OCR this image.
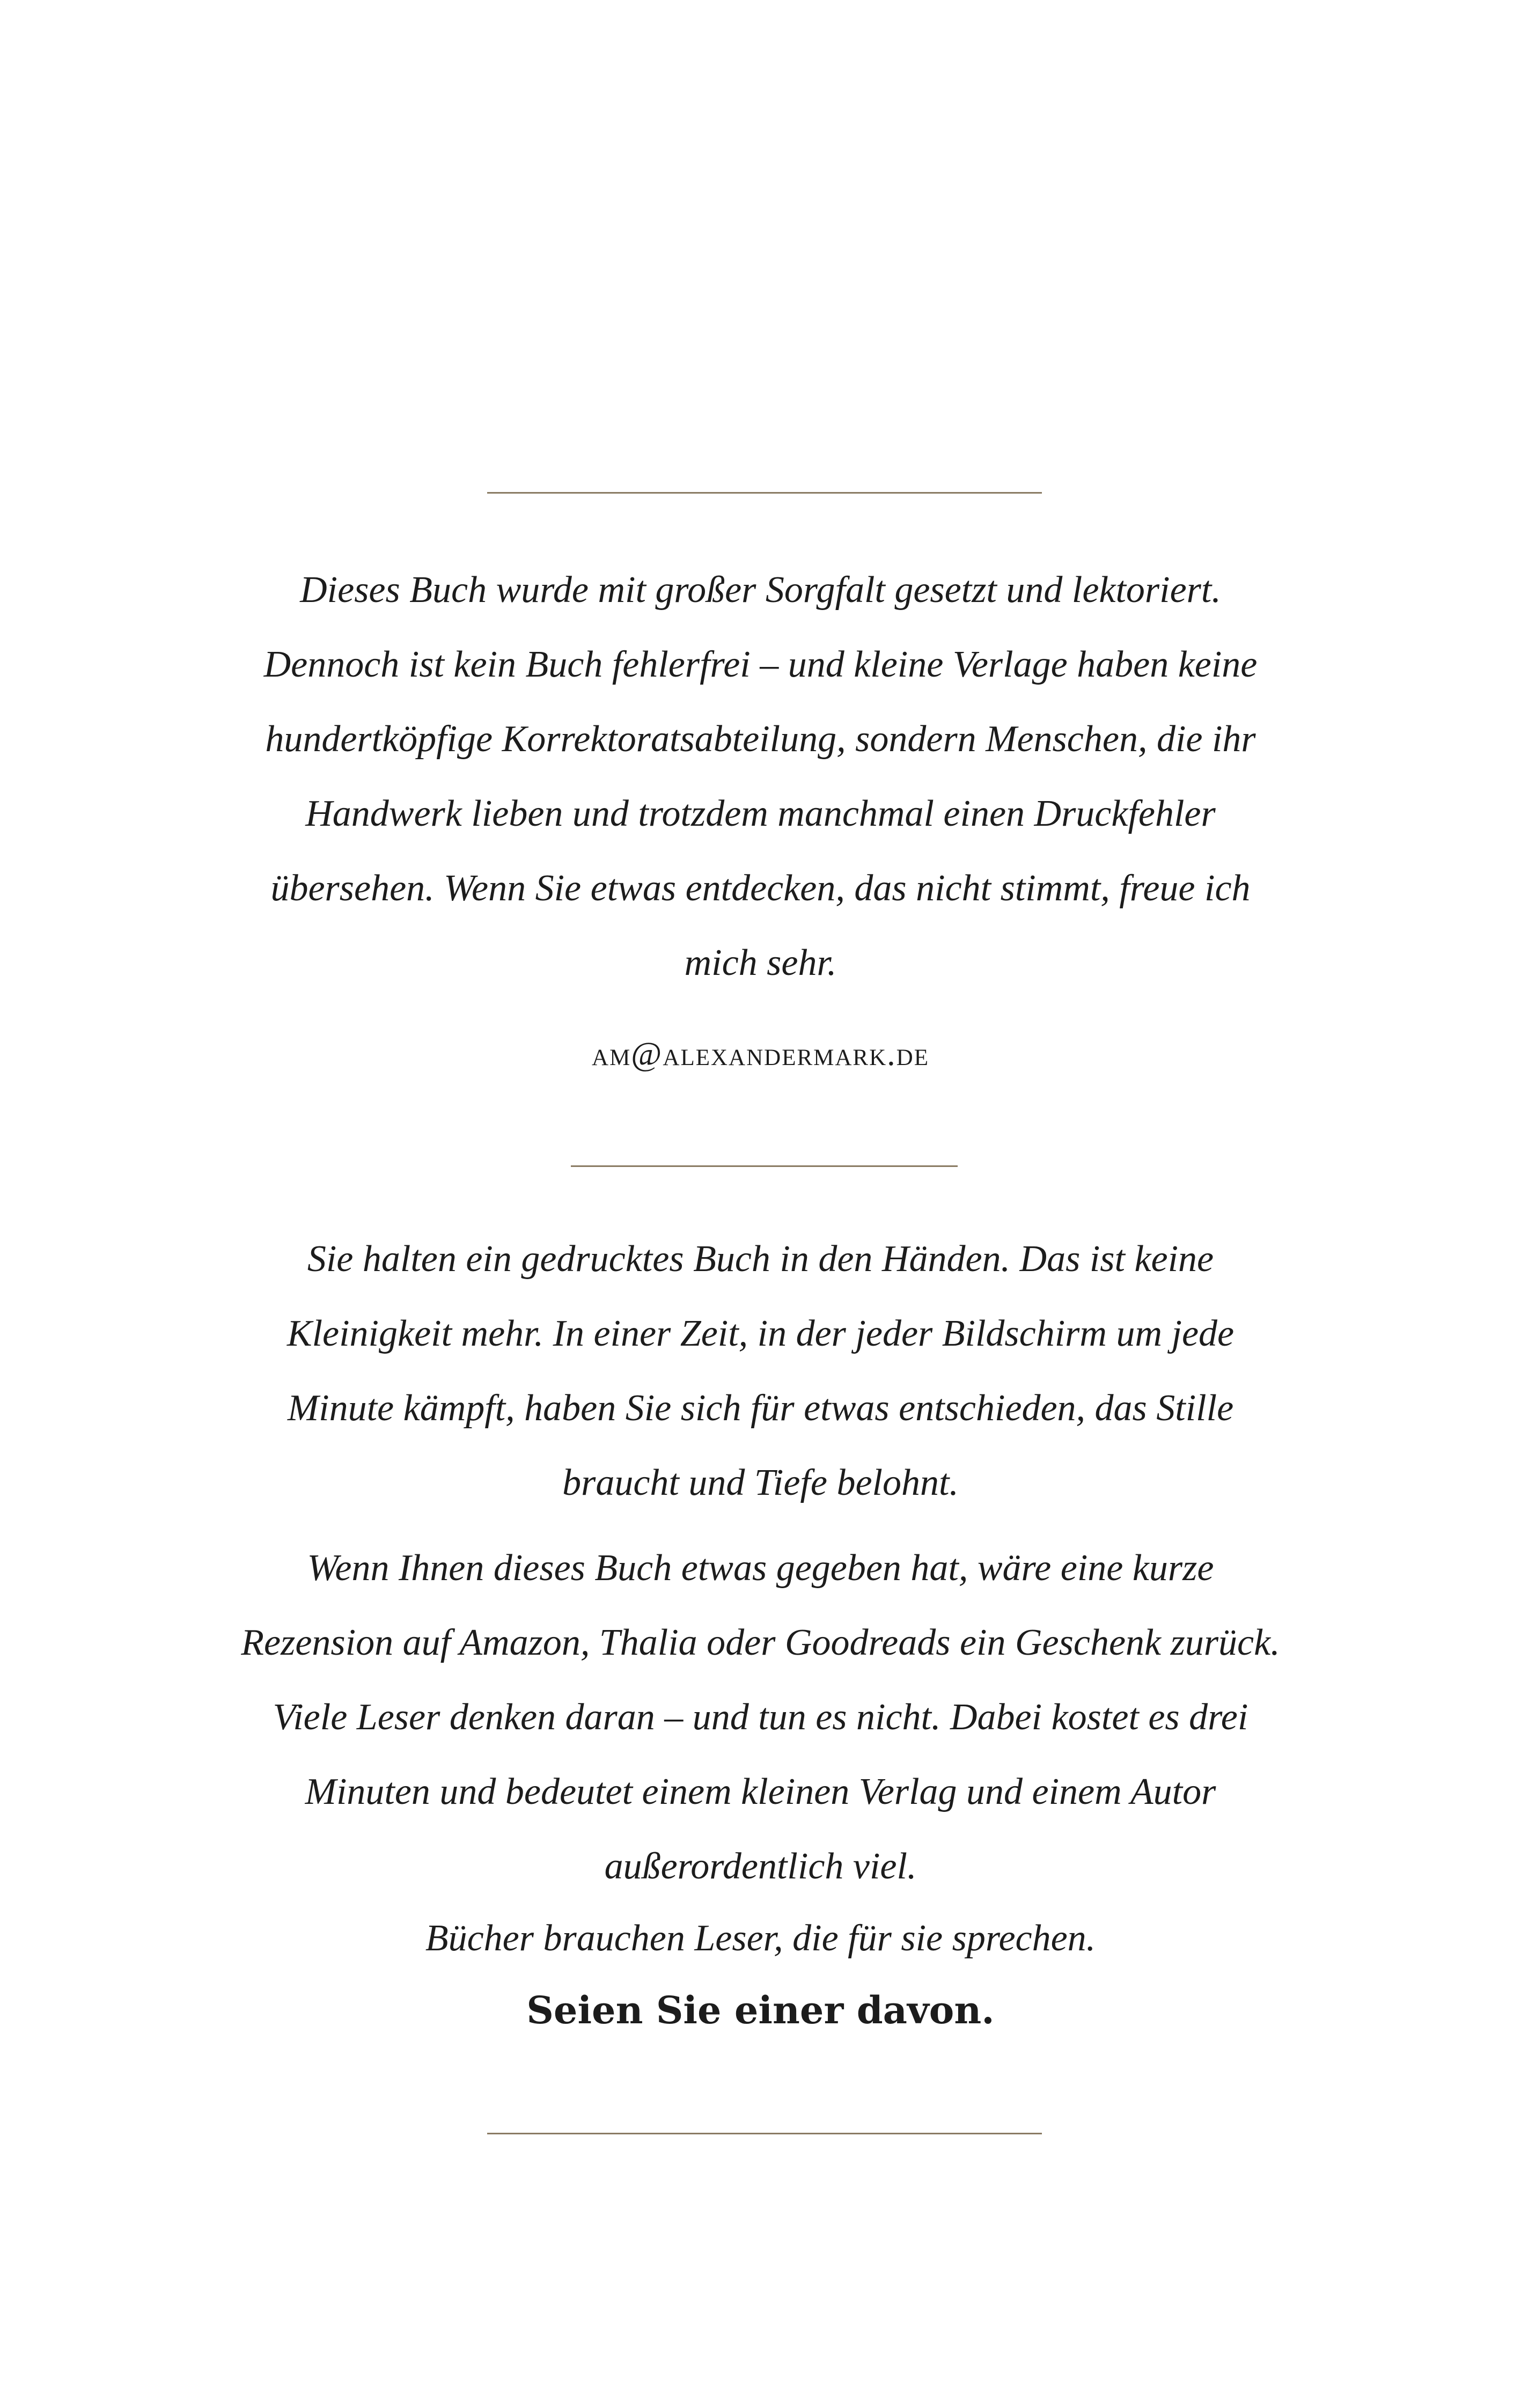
Dieses Buch wurde mit großer Sorgfalt gesetzt und lektoriert.
Dennoch ist kein Buch fehlerfrei – und kleine Verlage haben keine
hundertköpfige Korrektoratsabteilung, sondern Menschen, die ihr
Handwerk lieben und trotzdem manchmal einen Druckfehler
übersehen. Wenn Sie etwas entdecken, das nicht stimmt, freue ich
mich sehr.
am@alexandermark.de
Sie halten ein gedrucktes Buch in den Händen. Das ist keine
Kleinigkeit mehr. In einer Zeit, in der jeder Bildschirm um jede
Minute kämpft, haben Sie sich für etwas entschieden, das Stille
braucht und Tiefe belohnt.
Wenn Ihnen dieses Buch etwas gegeben hat, wäre eine kurze
Rezension auf Amazon, Thalia oder Goodreads ein Geschenk zurück.
Viele Leser denken daran – und tun es nicht. Dabei kostet es drei
Minuten und bedeutet einem kleinen Verlag und einem Autor
außerordentlich viel.
Bücher brauchen Leser, die für sie sprechen.
Seien Sie einer davon.
